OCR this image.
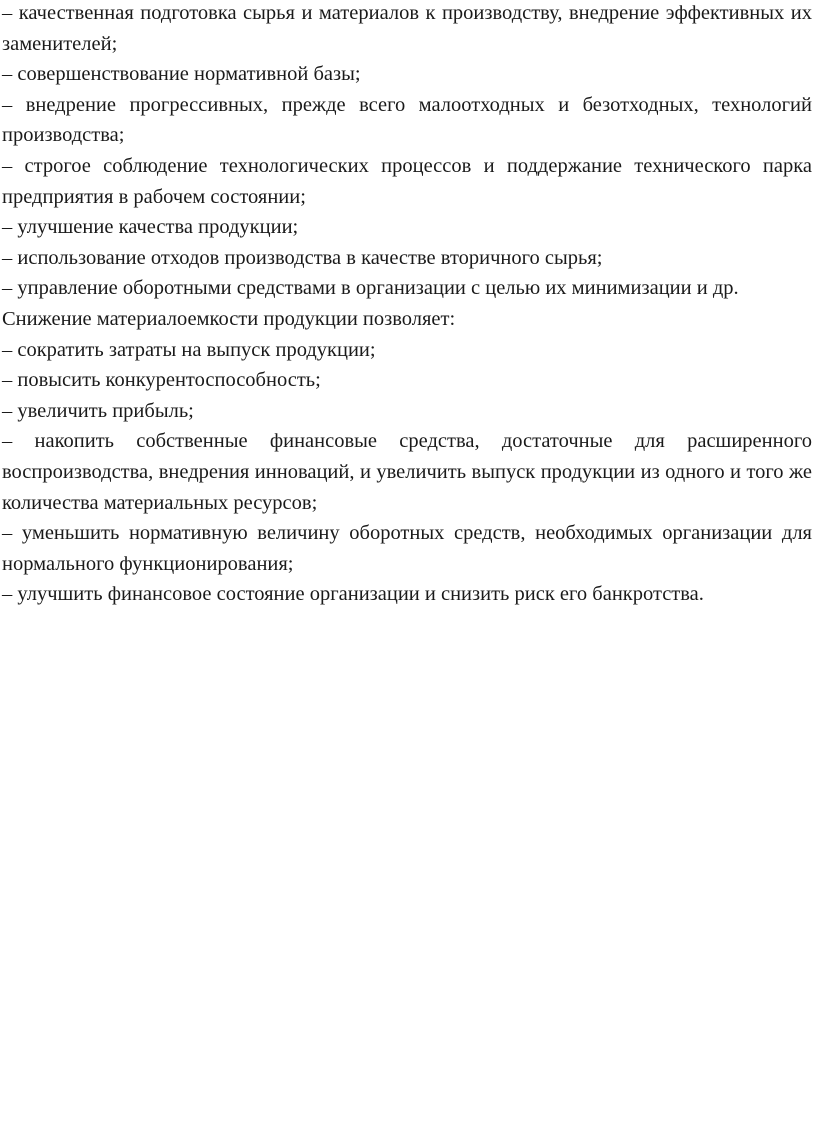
– качественная подготовка сырья и материалов к производству, внедрение эффективных их заменителей;

– совершенствование нормативной базы;

– внедрение прогрессивных, прежде всего малоотходных и безотходных, технологий производства;

– строгое соблюдение технологических процессов и поддержание технического парка предприятия в рабочем состоянии;

– улучшение качества продукции;

– использование отходов производства в качестве вторичного сырья;

– управление оборотными средствами в организации с целью их минимизации и др.

Снижение материалоемкости продукции позволяет:

– сократить затраты на выпуск продукции;

– повысить конкурентоспособность;

– увеличить прибыль;

– накопить собственные финансовые средства, достаточные для расширенного воспроизводства, внедрения инноваций, и увеличить выпуск продукции из одного и того же количества материальных ресурсов;

– уменьшить нормативную величину оборотных средств, необходимых организации для нормального функционирования;

– улучшить финансовое состояние организации и снизить риск его банкротства.
